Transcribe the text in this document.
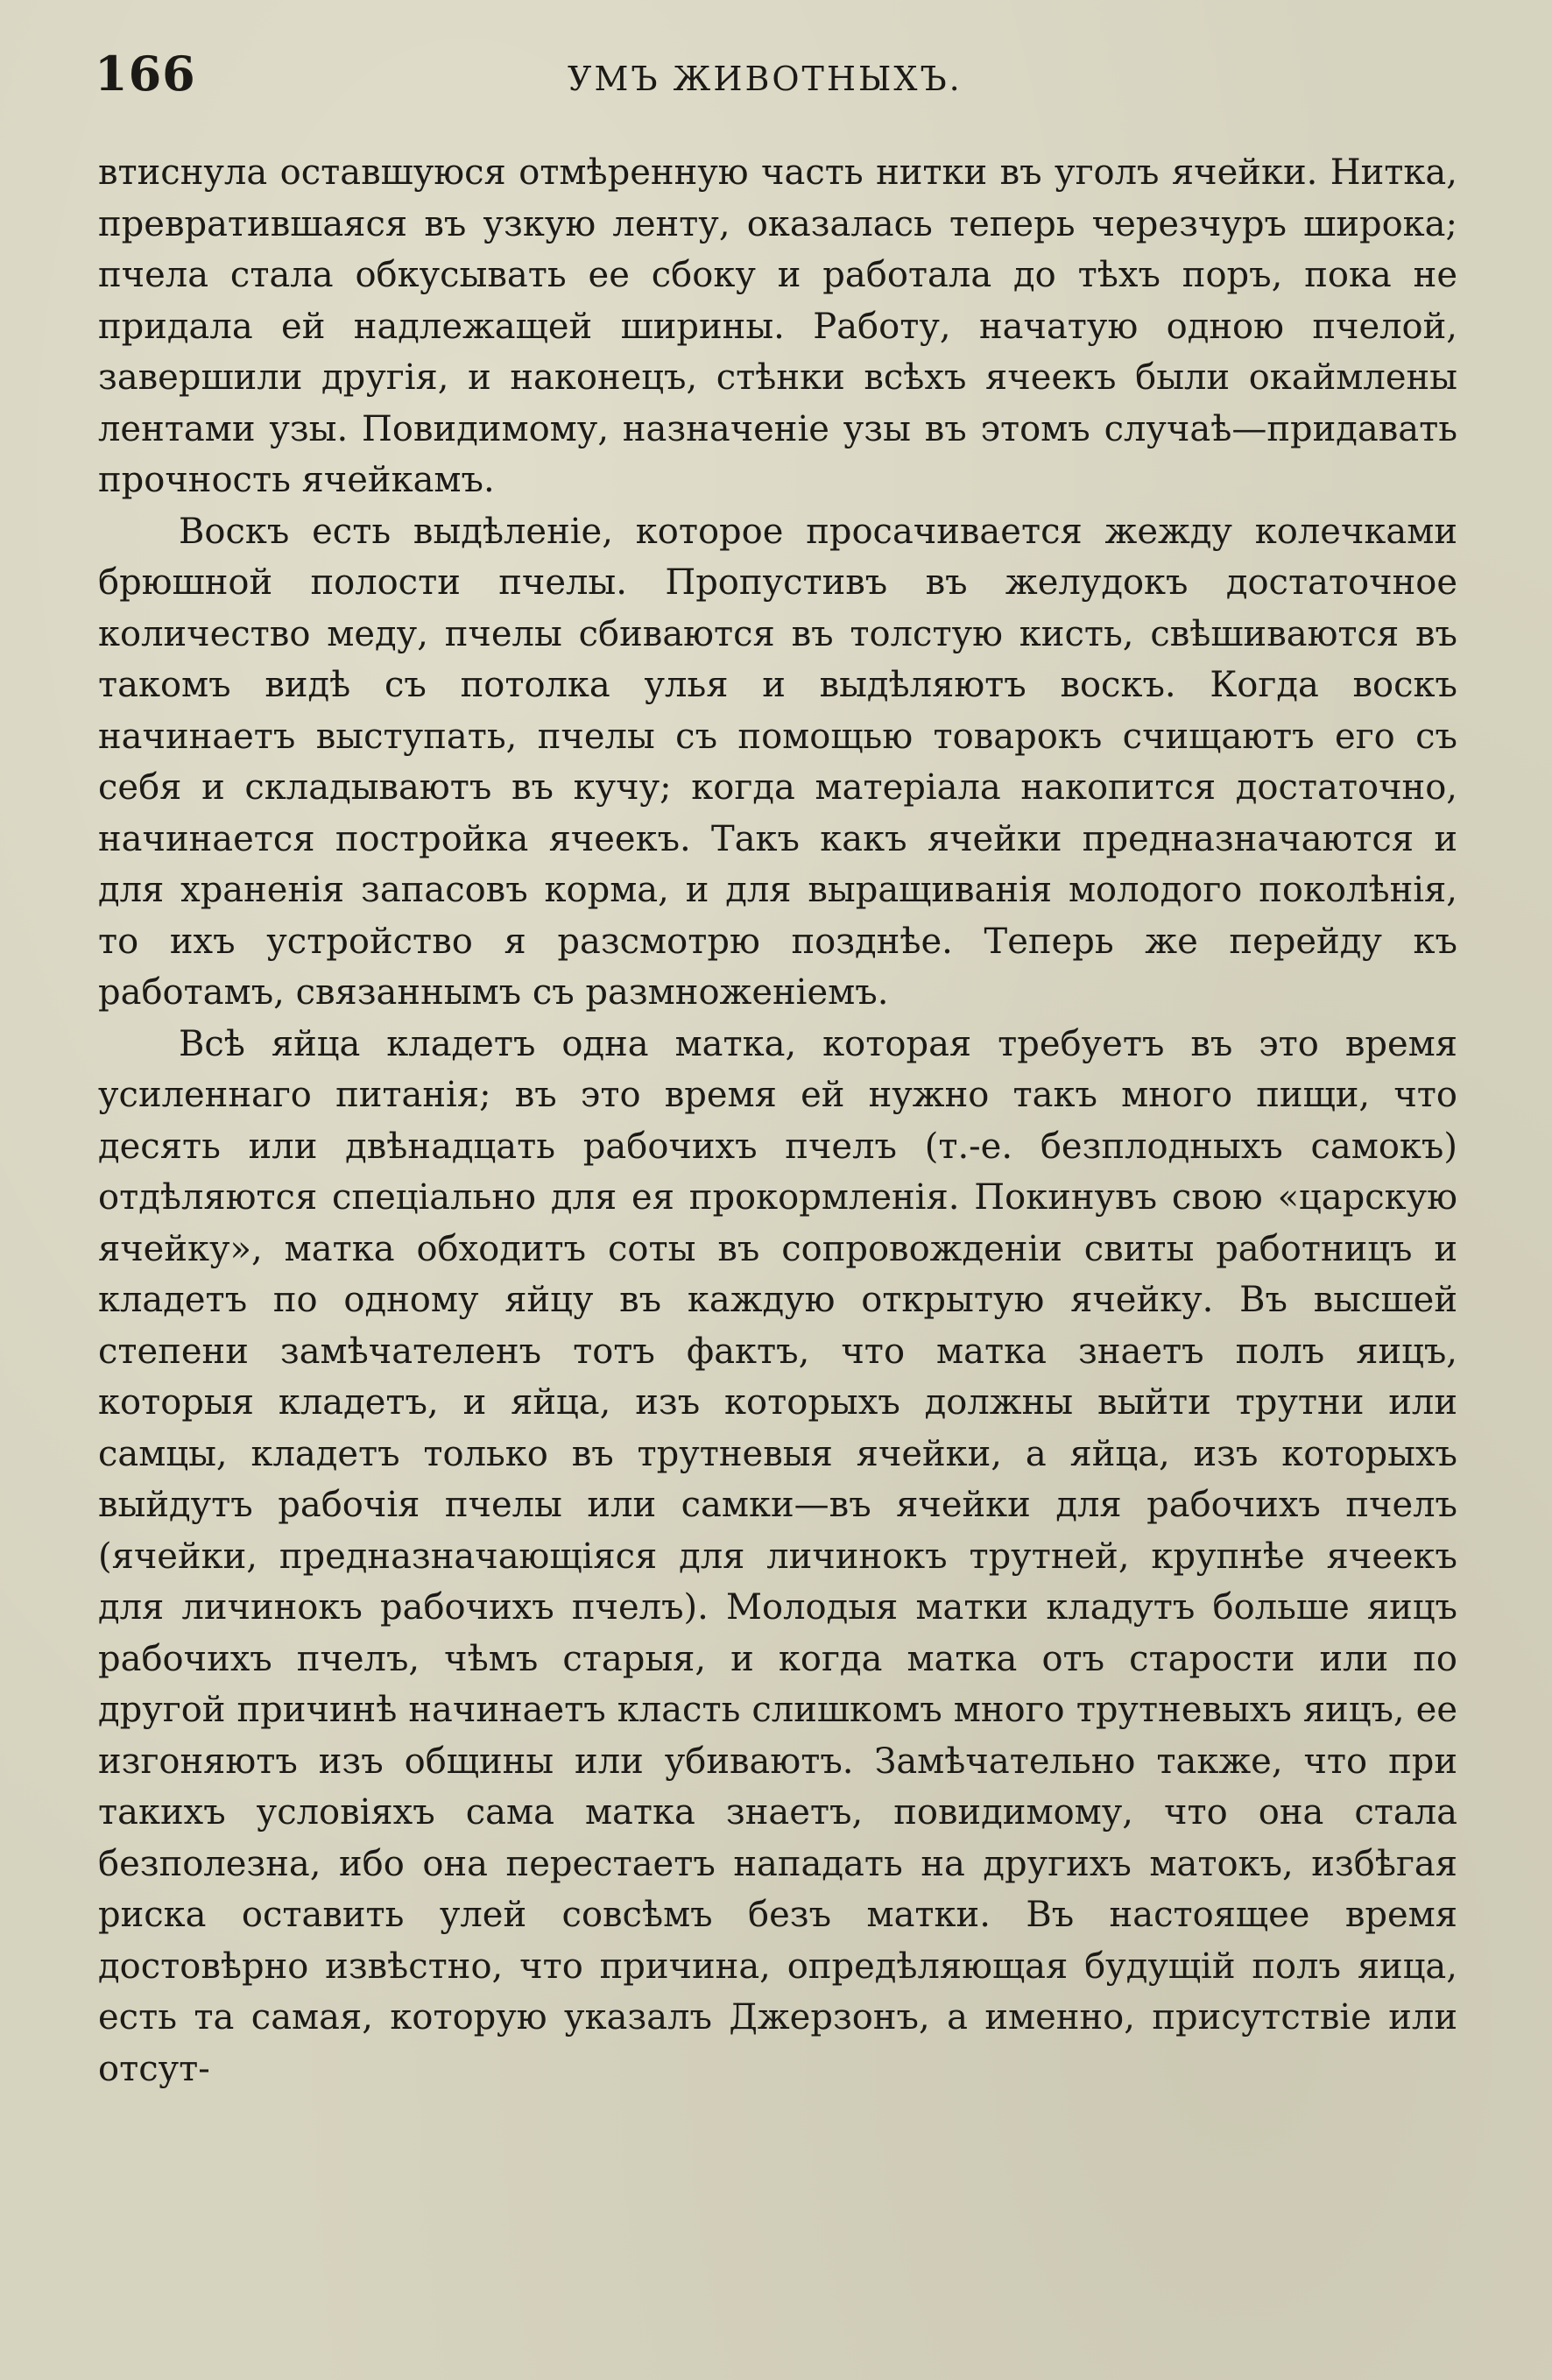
166	УМЪ ЖИВОТНЫХЪ.

втиснула оставшуюся отмѣренную часть нитки въ уголъ ячейки. Нитка, превратившаяся въ узкую ленту, оказалась теперь черезчуръ широка; пчела стала обкусывать ее сбоку и работала до тѣхъ поръ, пока не придала ей надлежащей ширины. Работу, начатую одною пчелой, завершили другiя, и наконецъ, стѣнки всѣхъ ячеекъ были окаймлены лентами узы. Повидимому, назначенiе узы въ этомъ случаѣ—придавать прочность ячейкамъ.

Воскъ есть выдѣленiе, которое просачивается жежду колечками брюшной полости пчелы. Пропустивъ въ желудокъ достаточное количество меду, пчелы сбиваются въ толстую кисть, свѣшиваются въ такомъ видѣ съ потолка улья и выдѣляютъ воскъ. Когда воскъ начинаетъ выступать, пчелы съ помощью товарокъ счищаютъ его съ себя и складываютъ въ кучу; когда матерiала накопится достаточно, начинается постройка ячеекъ. Такъ какъ ячейки предназначаются и для храненiя запасовъ корма, и для выращиванiя молодого поколѣнiя, то ихъ устройство я разсмотрю позднѣе. Теперь же перейду къ работамъ, связаннымъ съ размноженiемъ.

Всѣ яйца кладетъ одна матка, которая требуетъ въ это время усиленнаго питанiя; въ это время ей нужно такъ много пищи, что десять или двѣнадцать рабочихъ пчелъ (т.-е. безплодныхъ самокъ) отдѣляются спецiально для ея прокормленiя. Покинувъ свою «царскую ячейку», матка обходитъ соты въ сопровожденiи свиты работницъ и кладетъ по одному яйцу въ каждую открытую ячейку. Въ высшей степени замѣчателенъ тотъ фактъ, что матка знаетъ полъ яицъ, которыя кладетъ, и яйца, изъ которыхъ должны выйти трутни или самцы, кладетъ только въ трутневыя ячейки, а яйца, изъ которыхъ выйдутъ рабочiя пчелы или самки—въ ячейки для рабочихъ пчелъ (ячейки, предназначающiяся для личинокъ трутней, крупнѣе ячеекъ для личинокъ рабочихъ пчелъ). Молодыя матки кладутъ больше яицъ рабочихъ пчелъ, чѣмъ старыя, и когда матка отъ старости или по другой причинѣ начинаетъ класть слишкомъ много трутневыхъ яицъ, ее изгоняютъ изъ общины или убиваютъ. Замѣчательно также, что при такихъ условiяхъ сама матка знаетъ, повидимому, что она стала безполезна, ибо она перестаетъ нападать на другихъ матокъ, избѣгая риска оставить улей совсѣмъ безъ матки. Въ настоящее время достовѣрно извѣстно, что причина, опредѣляющая будущiй полъ яица, есть та самая, которую указалъ Джерзонъ, а именно, присутствiе или отсут-
